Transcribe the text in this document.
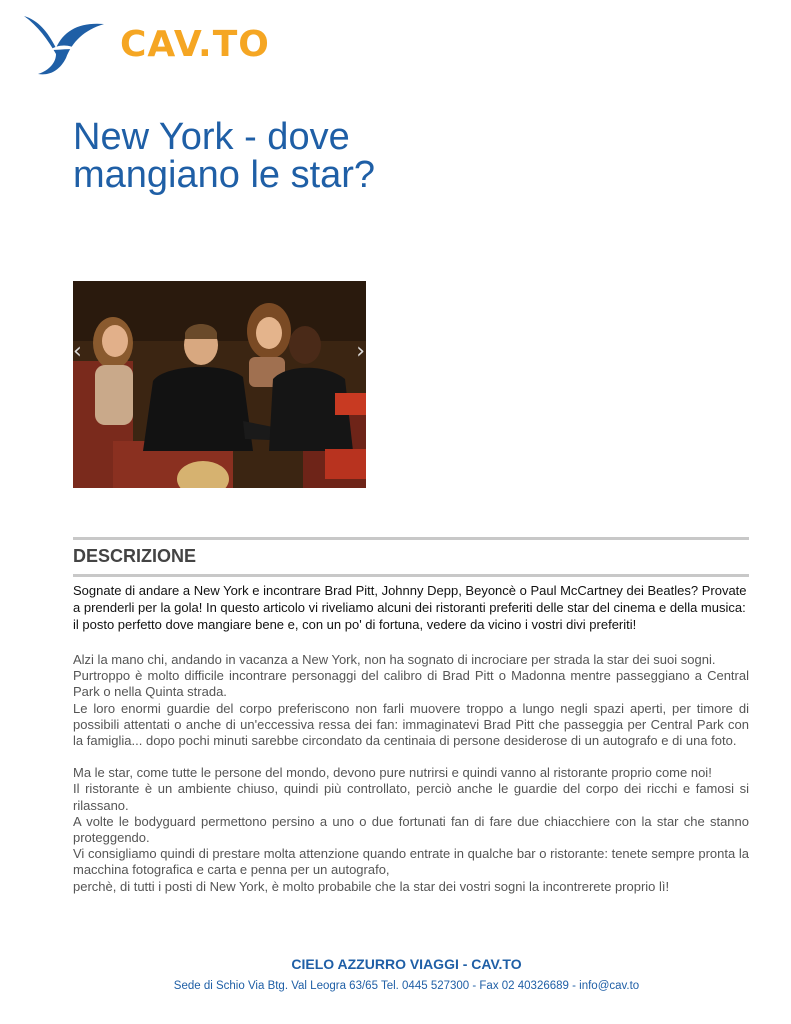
CAV.TO
New York - dove mangiano le star?
‹	›
DESCRIZIONE

Sognate di andare a New York e incontrare Brad Pitt, Johnny Depp, Beyoncè o Paul McCartney dei Beatles? Provate a prenderli per la gola! In questo articolo vi riveliamo alcuni dei ristoranti preferiti delle star del cinema e della musica: il posto perfetto dove mangiare bene e, con un po' di fortuna, vedere da vicino i vostri divi preferiti!

Alzi la mano chi, andando in vacanza a New York, non ha sognato di incrociare per strada la star dei suoi sogni.

Purtroppo è molto difficile incontrare personaggi del calibro di Brad Pitt o Madonna mentre passeggiano a Central Park o nella Quinta strada.

Le loro enormi guardie del corpo preferiscono non farli muovere troppo a lungo negli spazi aperti, per timore di possibili attentati o anche di un'eccessiva ressa dei fan: immaginatevi Brad Pitt che passeggia per Central Park con la famiglia... dopo pochi minuti sarebbe circondato da centinaia di persone desiderose di un autografo e di una foto.

Ma le star, come tutte le persone del mondo, devono pure nutrirsi e quindi vanno al ristorante proprio come noi!

Il ristorante è un ambiente chiuso, quindi più controllato, perciò anche le guardie del corpo dei ricchi e famosi si rilassano.

A volte le bodyguard permettono persino a uno o due fortunati fan di fare due chiacchiere con la star che stanno proteggendo.

Vi consigliamo quindi di prestare molta attenzione quando entrate in qualche bar o ristorante: tenete sempre pronta la macchina fotografica e carta e penna per un autografo,

perchè, di tutti i posti di New York, è molto probabile che la star dei vostri sogni la incontrerete proprio lì!

CIELO AZZURRO VIAGGI - CAV.TO
Sede di Schio Via Btg. Val Leogra 63/65 Tel. 0445 527300 - Fax 02 40326689 - info@cav.to
